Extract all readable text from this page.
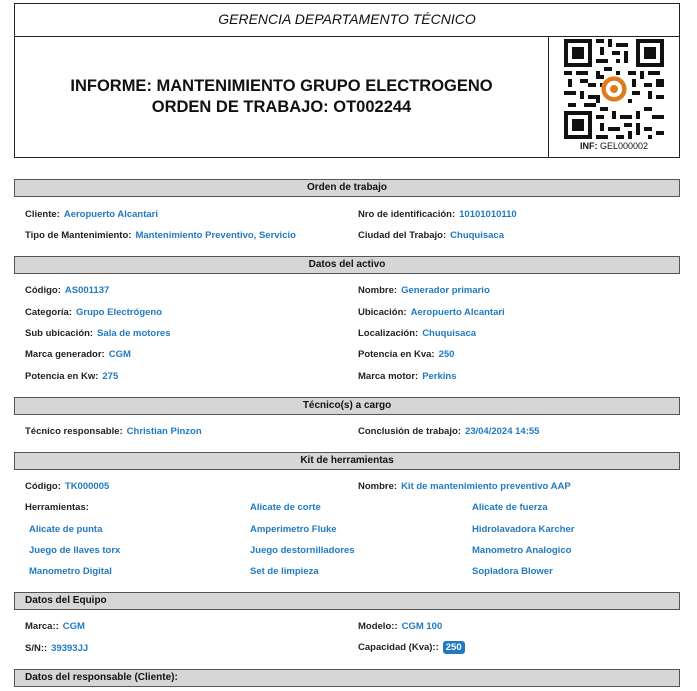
GERENCIA DEPARTAMENTO TÉCNICO
INFORME: MANTENIMIENTO GRUPO ELECTROGENO
ORDEN DE TRABAJO: OT002244
INF: GEL000002
Orden de trabajo
Cliente: Aeropuerto Alcantari	Nro de identificación: 10101010110
Tipo de Mantenimiento: Mantenimiento Preventivo, Servicio	Ciudad del Trabajo: Chuquisaca
Datos del activo
Código: AS001137	Nombre: Generador primario
Categoría: Grupo Electrógeno	Ubicación: Aeropuerto Alcantari
Sub ubicación: Sala de motores	Localización: Chuquisaca
Marca generador: CGM	Potencia en Kva: 250
Potencia en Kw: 275	Marca motor: Perkins
Técnico(s) a cargo
Técnico responsable: Christian Pinzon	Conclusión de trabajo: 23/04/2024 14:55
Kit de herramientas
Código: TK000005	Nombre: Kit de mantenimiento preventivo AAP
Herramientas:	Alicate de corte	Alicate de fuerza
Alicate de punta	Amperimetro Fluke	Hidrolavadora Karcher
Juego de llaves torx	Juego destornilladores	Manometro Analogico
Manometro Digital	Set de limpieza	Sopladora Blower
Datos del Equipo
Marca:: CGM	Modelo:: CGM 100
S/N:: 39393JJ	Capacidad (Kva):: 250
Datos del responsable (Cliente):
